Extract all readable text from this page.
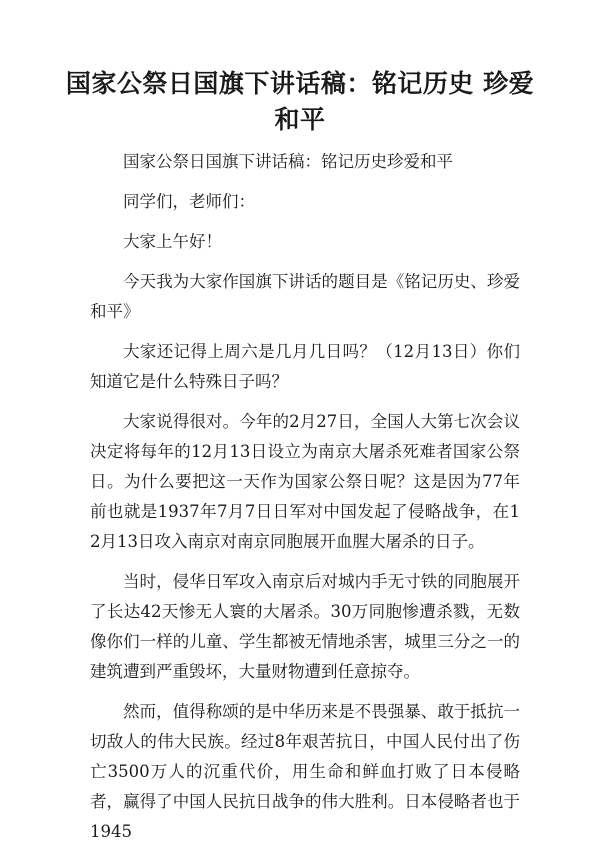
国家公祭日国旗下讲话稿：铭记历史 珍爱和平

国家公祭日国旗下讲话稿：铭记历史珍爱和平

同学们，老师们：

大家上午好！

今天我为大家作国旗下讲话的题目是《铭记历史、珍爱和平》

大家还记得上周六是几月几日吗？（12月13日）你们知道它是什么特殊日子吗？

大家说得很对。今年的2月27日，全国人大第七次会议决定将每年的12月13日设立为南京大屠杀死难者国家公祭日。为什么要把这一天作为国家公祭日呢？这是因为77年前也就是1937年7月7日日军对中国发起了侵略战争，在12月13日攻入南京对南京同胞展开血腥大屠杀的日子。

当时，侵华日军攻入南京后对城内手无寸铁的同胞展开了长达42天惨无人寰的大屠杀。30万同胞惨遭杀戮，无数像你们一样的儿童、学生都被无情地杀害，城里三分之一的建筑遭到严重毁坏，大量财物遭到任意掠夺。

然而，值得称颂的是中华历来是不畏强暴、敢于抵抗一切敌人的伟大民族。经过8年艰苦抗日，中国人民付出了伤亡3500万人的沉重代价，用生命和鲜血打败了日本侵略者，赢得了中国人民抗日战争的伟大胜利。日本侵略者也于1945
